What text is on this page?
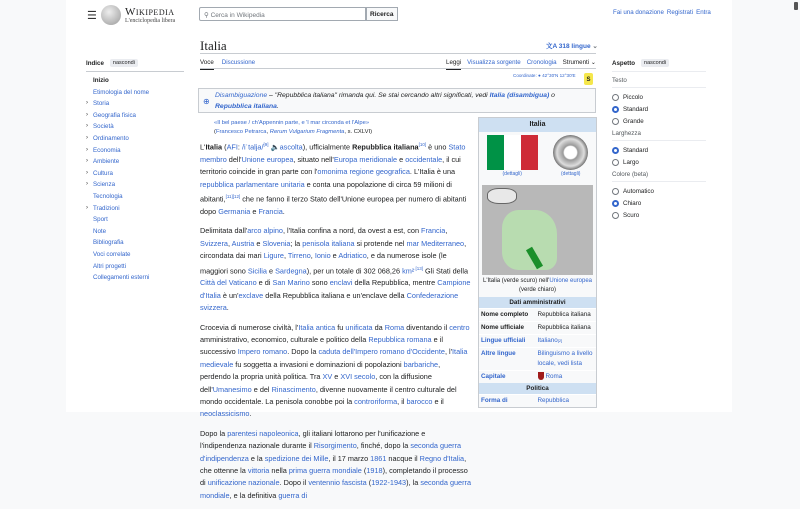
☰	Wikipedia
L'enciclopedia libera
⚲ Cerca in Wikipedia	Ricerca	Fai una donazione Registrati Entra
Indice	nascondi
Inizio
Etimologia del nome
› Storia
› Geografia fisica
› Società
› Ordinamento
› Economia
› Ambiente
› Cultura
› Scienza
Tecnologia
› Tradizioni
Sport
Note
Bibliografia
Voci correlate
Altri progetti
Collegamenti esterni
Italia	文A 318 lingue ⌄
Voce Discussione	Leggi Visualizza sorgente Cronologia Strumenti ⌄
Coordinate: ● 42°30′N 12°30′E
S
⊕
Disambiguazione – "Repubblica italiana" rimanda qui. Se stai cercando altri significati, vedi Italia (disambigua) o Repubblica italiana.
«Il bel paese / ch'Appennin parte, e 'l mar circonda et l'Alpe»
(Francesco Petrarca, Rerum Vulgarium Fragmenta, s. CXLVI)

L'Italia (AFI: /iˈtalja/[9] 🔈ascolta), ufficialmente Repubblica italiana[10] è uno Stato membro dell'Unione europea, situato nell'Europa meridionale e occidentale, il cui territorio coincide in gran parte con l'omonima regione geografica. L'Italia è una repubblica parlamentare unitaria e conta una popolazione di circa 59 milioni di abitanti,[11][12] che ne fanno il terzo Stato dell'Unione europea per numero di abitanti dopo Germania e Francia.

Delimitata dall'arco alpino, l'Italia confina a nord, da ovest a est, con Francia, Svizzera, Austria e Slovenia; la penisola italiana si protende nel mar Mediterraneo, circondata dai mari Ligure, Tirreno, Ionio e Adriatico, e da numerose isole (le maggiori sono Sicilia e Sardegna), per un totale di 302 068,26 km²$^{.[13]}$ Gli Stati della Città del Vaticano e di San Marino sono enclavi della Repubblica, mentre Campione d'Italia è un'exclave della Repubblica italiana e un'enclave della Confederazione svizzera.

Crocevia di numerose civiltà, l'Italia antica fu unificata da Roma diventando il centro amministrativo, economico, culturale e politico della Repubblica romana e il successivo Impero romano. Dopo la caduta dell'Impero romano d'Occidente, l'Italia medievale fu soggetta a invasioni e dominazioni di popolazioni barbariche, perdendo la propria unità politica. Tra XV e XVI secolo, con la diffusione dell'Umanesimo e del Rinascimento, divenne nuovamente il centro culturale del mondo occidentale. La penisola conobbe poi la controriforma, il barocco e il neoclassicismo.

Dopo la parentesi napoleonica, gli italiani lottarono per l'unificazione e l'indipendenza nazionale durante il Risorgimento, finché, dopo la seconda guerra d'indipendenza e la spedizione dei Mille, il 17 marzo 1861 nacque il Regno d'Italia, che ottenne la vittoria nella prima guerra mondiale (1918), completando il processo di unificazione nazionale. Dopo il ventennio fascista (1922-1943), la seconda guerra mondiale, e la definitiva guerra di

Italia
(dettagli)	(dettagli)
L'Italia (verde scuro) nell'Unione europea (verde chiaro)
Dati amministrativi
Nome completo	Repubblica italiana
Nome ufficiale	Repubblica italiana
Lingue ufficiali	Italiano[2]
Altre lingue	Bilinguismo a livello locale, vedi lista
Capitale	Roma
Politica
Forma di	Repubblica
Aspetto	nascondi
Testo
Piccolo
Standard
Grande
Larghezza
Standard
Largo
Colore (beta)
Automatico
Chiaro
Scuro
